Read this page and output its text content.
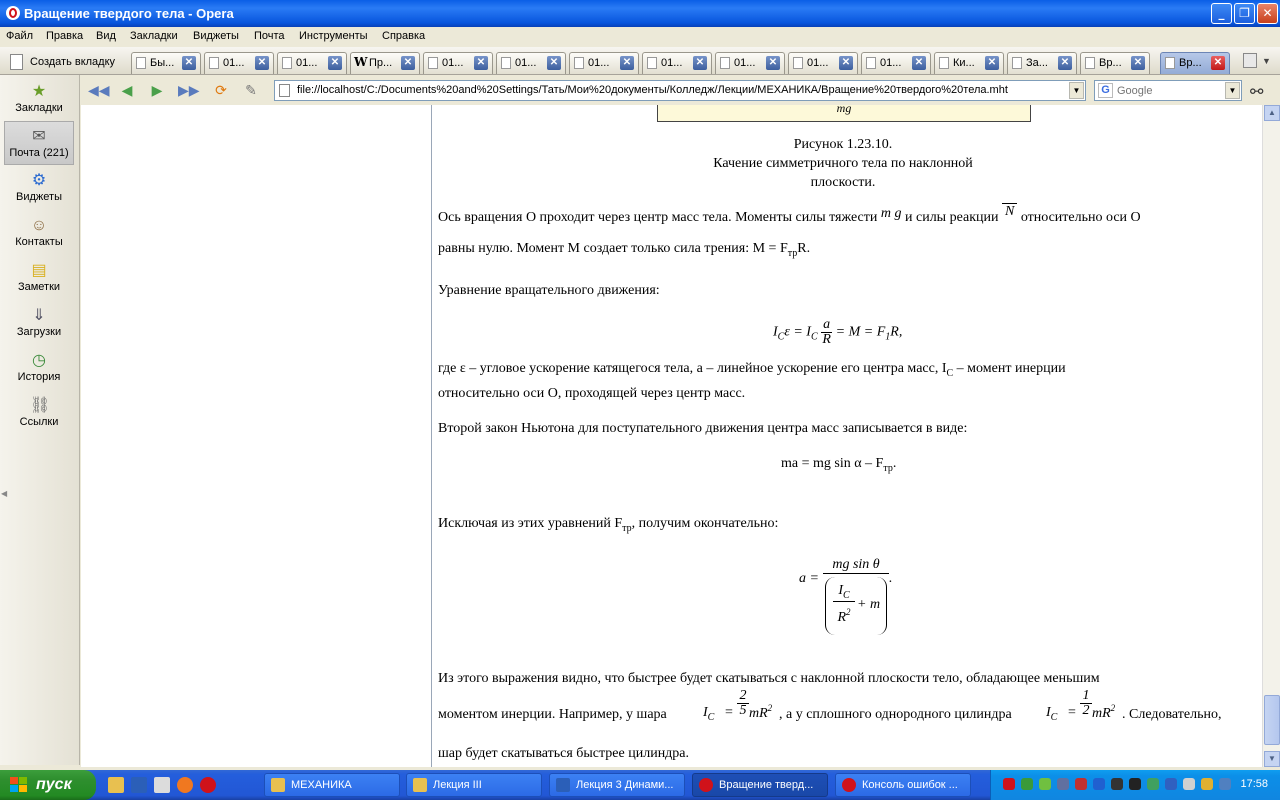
Вращение твердого тела - Opera	_	❐	✕
Файл Правка Вид Закладки Виджеты Почта Инструменты Справка
Создать вкладку	Бы... ✕	01... ✕	01... ✕ W Пр... ✕	01... ✕	01... ✕	01... ✕	01... ✕	01... ✕	01... ✕	01... ✕	Ки... ✕	За... ✕	Вр... ✕	Вр... ✕	▼
◀◀ ◀ ▶ ▶▶ ⟳ ✎	file://localhost/C:/Documents%20and%20Settings/Тать/Мои%20документы/Колледж/Лекции/МЕХАНИКА/Вращение%20твердого%20тела.mht	▼	G
Google	▼ ⚯
★
Закладки
✉
Почта (221)
⚙
Виджеты
☺
Контакты
▤
Заметки
⇓
Загрузки
◷
История
⛓
Ссылки
◀
mg
Рисунок 1.23.10.
Качение симметричного тела по наклонной
плоскости.
Ось вращения O проходит через центр масс тела. Моменты силы тяжести m g и силы реакции N относительно оси O
равны нулю. Момент M создает только сила трения: $M = F_{тр}R$.
Уравнение вращательного движения:
$I_C\varepsilon = I_C \frac{a}{R} = M = F_1R$,
где ε – угловое ускорение катящегося тела, a – линейное ускорение его центра масс, $I_C$ – момент инерции
относительно оси O, проходящей через центр масс.
Второй закон Ньютона для поступательного движения центра масс записывается в виде:
ma = mg sin α – $F_{тр}$.
Исключая из этих уравнений $F_{тр}$, получим окончательно:
a =
mg sin θ
$I_C$
$R^2 + m$
.
Из этого выражения видно, что быстрее будет скатываться с наклонной плоскости тело, обладающее меньшим
моментом инерции. Например, у шара	$I_C = \frac{2}{5} mR^2$ , а у сплошного однородного цилиндра $I_C = \frac{1}{2} mR^2$ . Следовательно,
шар будет скатываться быстрее цилиндра.
▲
▼
пуск	МЕХАНИКА	Лекция III	Лекция 3 Динами...	Вращение тверд...	Консоль ошибок ...	17:58
